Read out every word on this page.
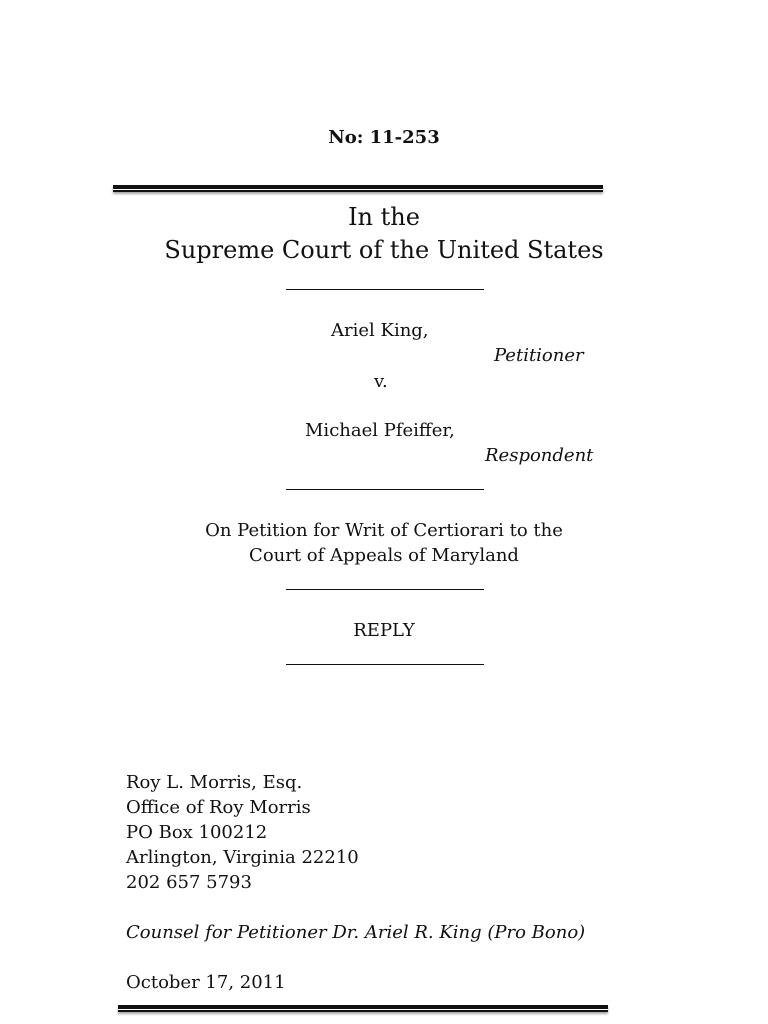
No: 11-253
In the
Supreme Court of the United States
Ariel King,
Petitioner
v.
Michael Pfeiffer,
Respondent
On Petition for Writ of Certiorari to the
Court of Appeals of Maryland
REPLY
Roy L. Morris, Esq.
Office of Roy Morris
PO Box 100212
Arlington, Virginia 22210
202 657 5793
Counsel for Petitioner Dr. Ariel R. King (Pro Bono)
October 17, 2011
